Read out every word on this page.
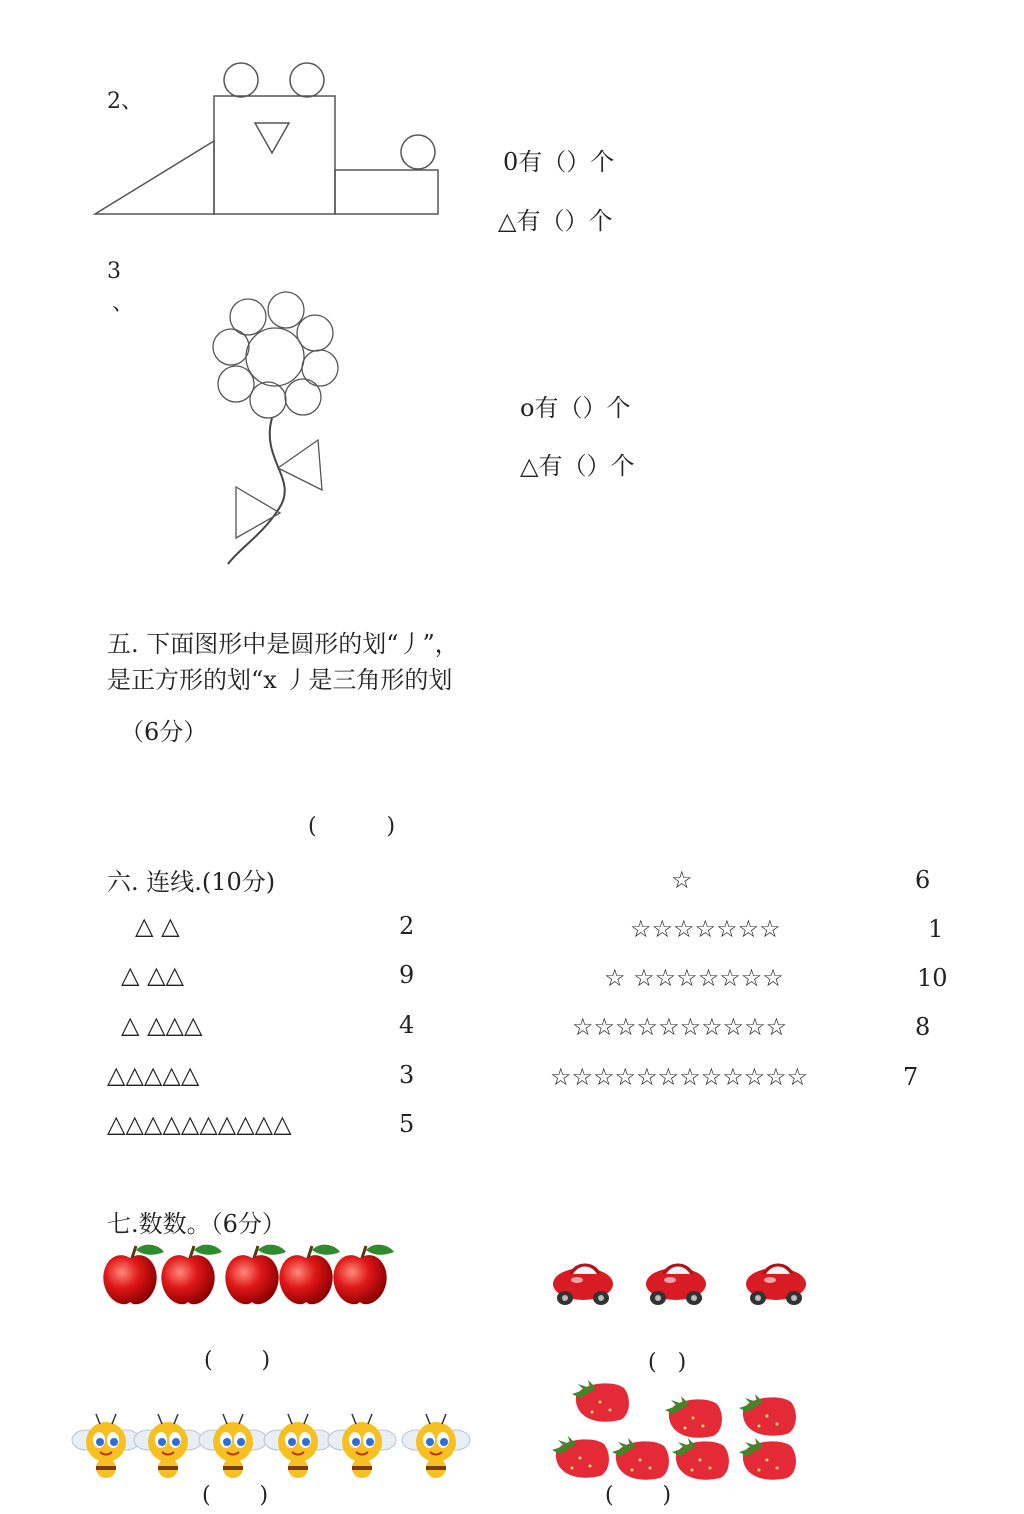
2、
0有（）个
△有（）个
3
、
o有（）个
△有（）个
五. 下面图形中是圆形的划“丿”，
是正方形的划“x 丿是三角形的划
（6分）
(          )
六. 连线.(10分)
△ △
△ △△
△ △△△
△△△△△
△△△△△△△△△△
2
9
4
3
5
☆
☆☆☆☆☆☆☆
☆ ☆☆☆☆☆☆☆
☆☆☆☆☆☆☆☆☆☆
☆☆☆☆☆☆☆☆☆☆☆☆
6
1
10
8
7
七.数数。（6分）
(       )	(   )
(       )	(       )
